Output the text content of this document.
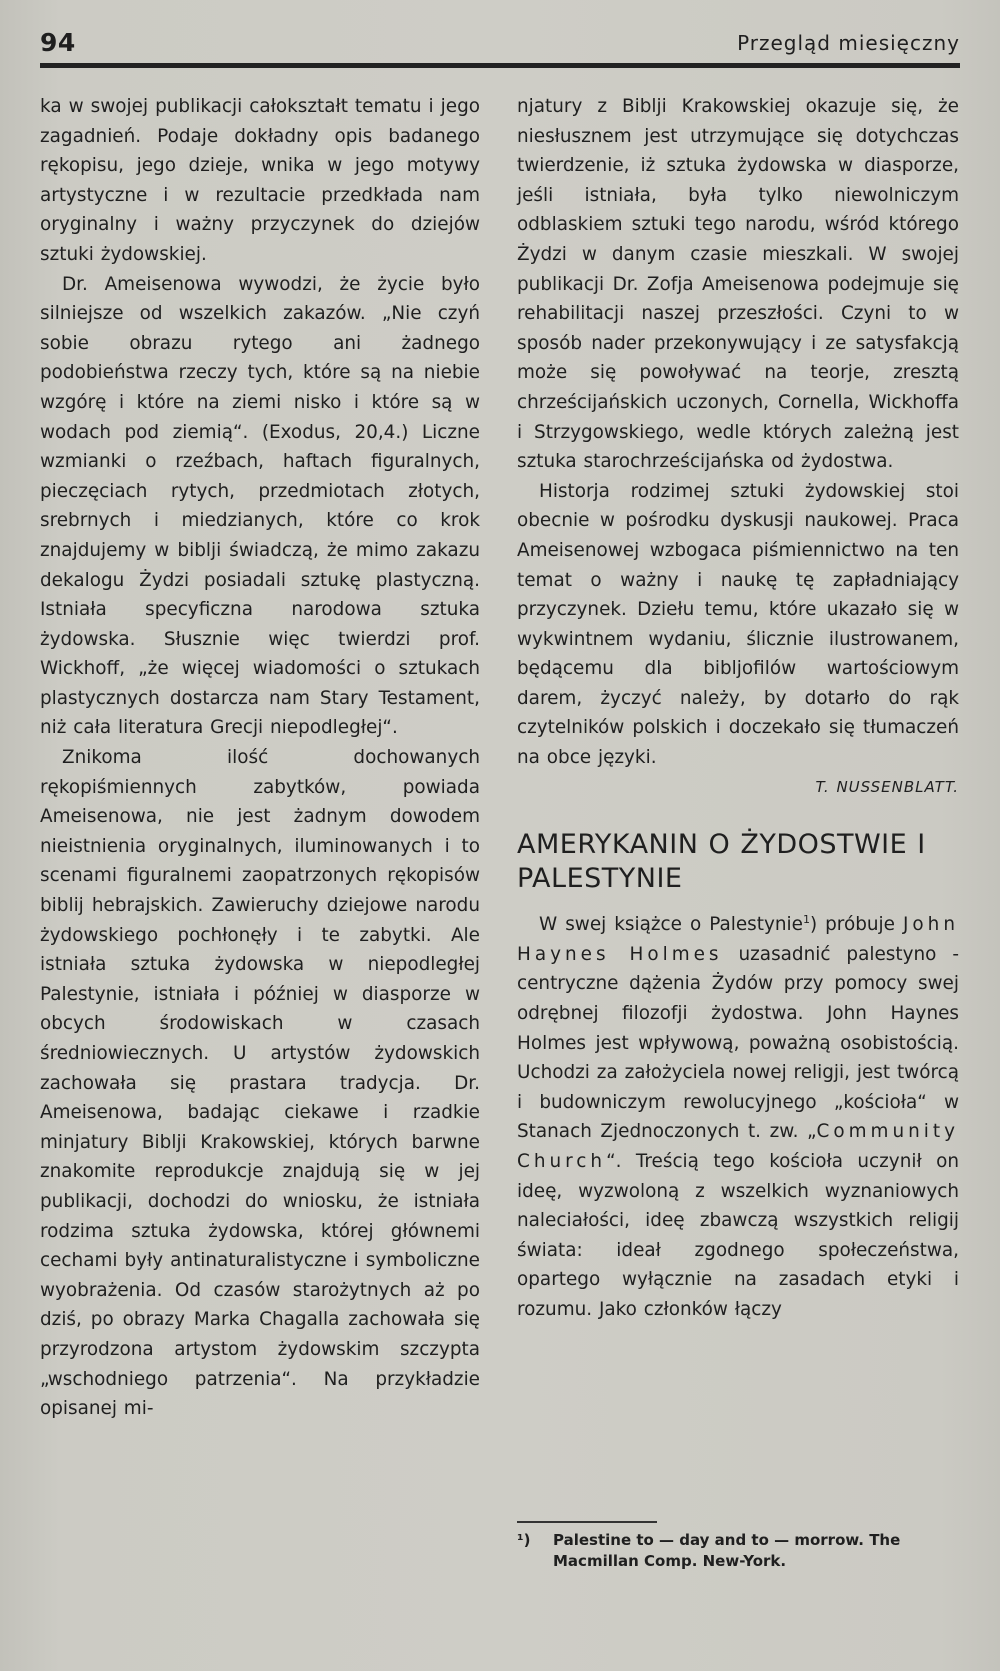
94	Przegląd miesięczny

ka w swojej publikacji całokształt tematu i jego zagadnień. Podaje dokładny opis badanego rękopisu, jego dzieje, wnika w jego motywy artystyczne i w rezultacie przedkłada nam oryginalny i ważny przyczynek do dziejów sztuki żydowskiej.

Dr. Ameisenowa wywodzi, że życie było silniejsze od wszelkich zakazów. „Nie czyń sobie obrazu rytego ani żadnego podobieństwa rzeczy tych, które są na niebie wzgórę i które na ziemi nisko i które są w wodach pod ziemią“. (Exodus, 20,4.) Liczne wzmianki o rzeźbach, haftach figuralnych, pieczęciach rytych, przedmiotach złotych, srebrnych i miedzianych, które co krok znajdujemy w biblji świadczą, że mimo zakazu dekalogu Żydzi posiadali sztukę plastyczną. Istniała specyficzna narodowa sztuka żydowska. Słusznie więc twierdzi prof. Wickhoff, „że więcej wiadomości o sztukach plastycznych dostarcza nam Stary Testament, niż cała literatura Grecji niepodległej“.

Znikoma ilość dochowanych rękopiśmiennych zabytków, powiada Ameisenowa, nie jest żadnym dowodem nieistnienia oryginalnych, iluminowanych i to scenami figuralnemi zaopatrzonych rękopisów biblij hebrajskich. Zawieruchy dziejowe narodu żydowskiego pochłonęły i te zabytki. Ale istniała sztuka żydowska w niepodległej Palestynie, istniała i później w diasporze w obcych środowiskach w czasach średniowiecznych. U artystów żydowskich zachowała się prastara tradycja. Dr. Ameisenowa, badając ciekawe i rzadkie minjatury Biblji Krakowskiej, których barwne znakomite reprodukcje znajdują się w jej publikacji, dochodzi do wniosku, że istniała rodzima sztuka żydowska, której głównemi cechami były antinaturalistyczne i symboliczne wyobrażenia. Od czasów starożytnych aż po dziś, po obrazy Marka Chagalla zachowała się przyrodzona artystom żydowskim szczypta „wschodniego patrzenia“. Na przykładzie opisanej mi-

njatury z Biblji Krakowskiej okazuje się, że niesłusznem jest utrzymujące się dotychczas twierdzenie, iż sztuka żydowska w diasporze, jeśli istniała, była tylko niewolniczym odblaskiem sztuki tego narodu, wśród którego Żydzi w danym czasie mieszkali. W swojej publikacji Dr. Zofja Ameisenowa podejmuje się rehabilitacji naszej przeszłości. Czyni to w sposób nader przekonywujący i ze satysfakcją może się powoływać na teorje, zresztą chrześcijańskich uczonych, Cornella, Wickhoffa i Strzygowskiego, wedle których zależną jest sztuka starochrześcijańska od żydostwa.

Historja rodzimej sztuki żydowskiej stoi obecnie w pośrodku dyskusji naukowej. Praca Ameisenowej wzbogaca piśmiennictwo na ten temat o ważny i naukę tę zapładniający przyczynek. Dziełu temu, które ukazało się w wykwintnem wydaniu, ślicznie ilustrowanem, będącemu dla bibljofilów wartościowym darem, życzyć należy, by dotarło do rąk czytelników polskich i doczekało się tłumaczeń na obce języki.

T. NUSSENBLATT.
AMERYKANIN O ŻYDOSTWIE I PALESTYNIE

W swej książce o Palestynie$^1$) próbuje John Haynes Holmes uzasadnić palestyno - centryczne dążenia Żydów przy pomocy swej odrębnej filozofji żydostwa. John Haynes Holmes jest wpływową, poważną osobistością. Uchodzi za założyciela nowej religji, jest twórcą i budowniczym rewolucyjnego „kościoła“ w Stanach Zjednoczonych t. zw. „Community Church“. Treścią tego kościoła uczynił on ideę, wyzwoloną z wszelkich wyznaniowych naleciałości, ideę zbawczą wszystkich religij świata: ideał zgodnego społeczeństwa, opartego wyłącznie na zasadach etyki i rozumu. Jako członków łączy

¹) Palestine to — day and to — morrow. The
Macmillan Comp. New-York.
